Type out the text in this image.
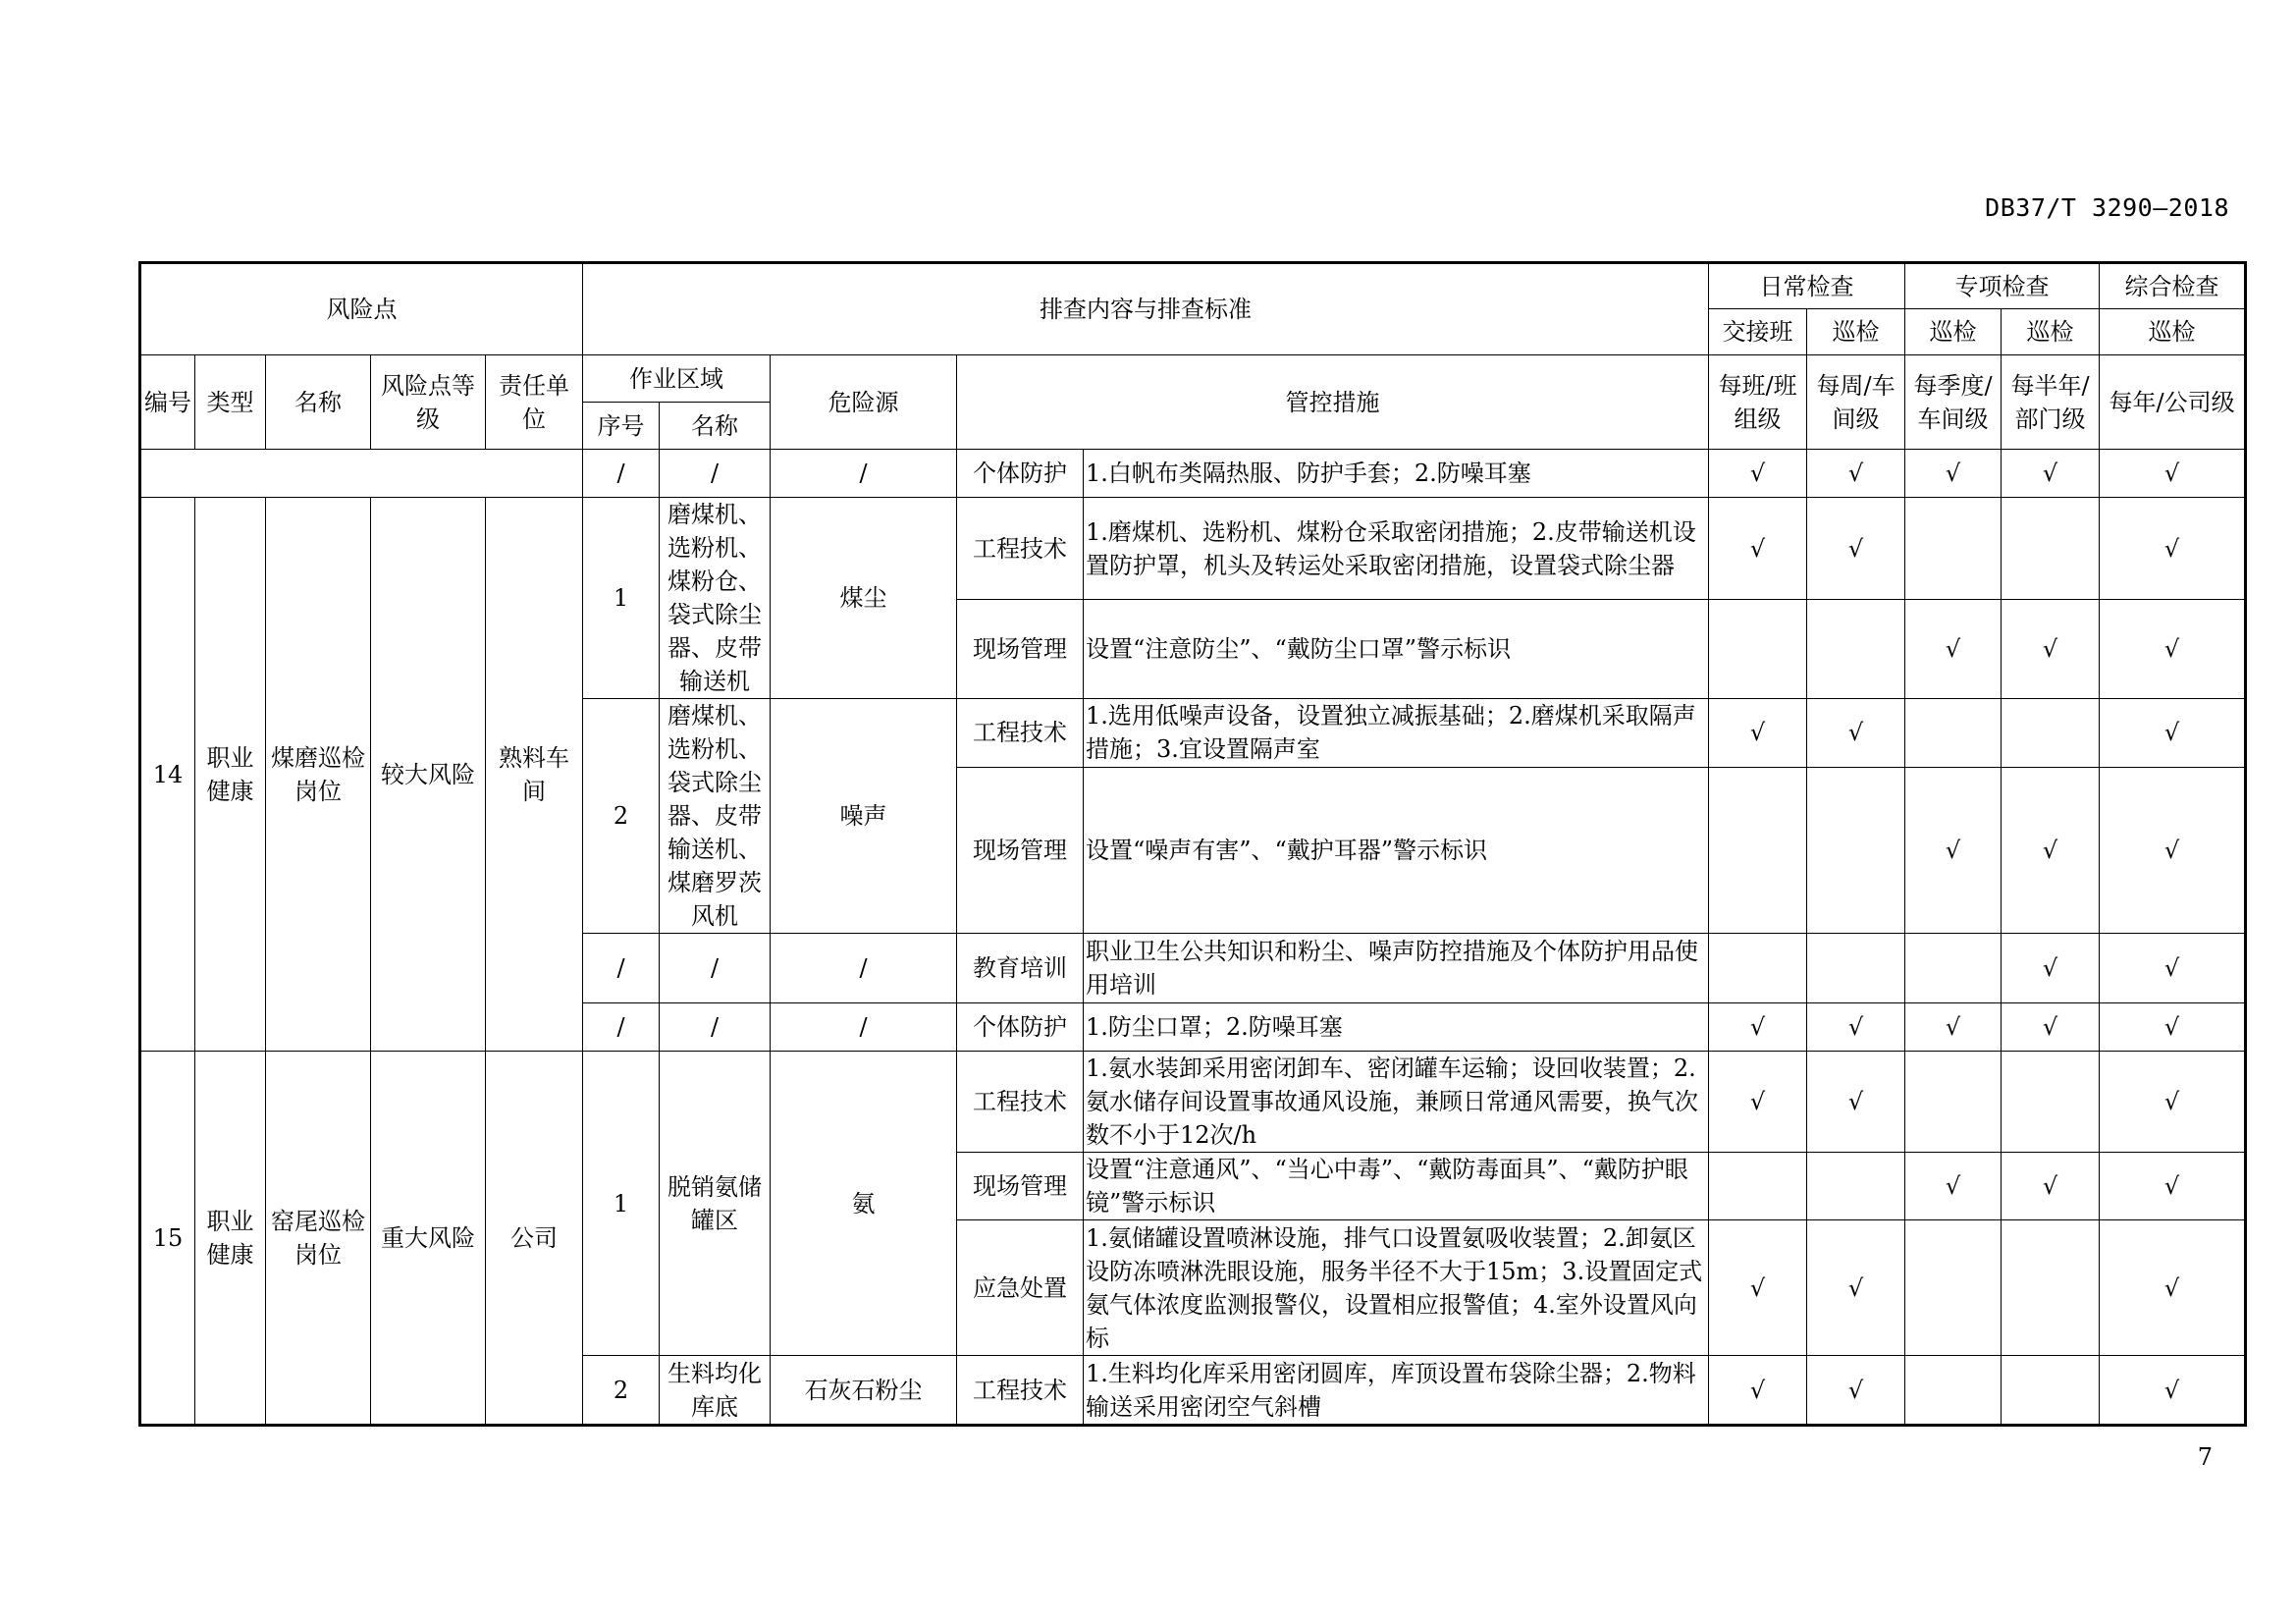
DB37/T 3290—2018
风险点					排查内容与排查标准					日常检查		专项检查		综合检查
										交接班	巡检	巡检	巡检	巡检
编号	类型	名称	风险点等级	责任单位	作业区域		危险源	管控措施		每班/班组级	每周/车间级	每季度/车间级	每半年/部门级	每年/公司级
					序号	名称								
					/	/	/	个体防护	1.白帆布类隔热服、防护手套；2.防噪耳塞	√	√	√	√	√
14	职业健康	煤磨巡检岗位	较大风险	熟料车间	1	磨煤机、选粉机、煤粉仓、袋式除尘器、皮带输送机	煤尘	工程技术	1.磨煤机、选粉机、煤粉仓采取密闭措施；2.皮带输送机设置防护罩，机头及转运处采取密闭措施，设置袋式除尘器	√	√			√
								现场管理	设置“注意防尘”、“戴防尘口罩”警示标识			√	√	√
					2	磨煤机、选粉机、袋式除尘器、皮带输送机、煤磨罗茨风机	噪声	工程技术	1.选用低噪声设备，设置独立减振基础；2.磨煤机采取隔声措施；3.宜设置隔声室	√	√			√
								现场管理	设置“噪声有害”、“戴护耳器”警示标识			√	√	√
					/	/	/	教育培训	职业卫生公共知识和粉尘、噪声防控措施及个体防护用品使用培训				√	√
					/	/	/	个体防护	1.防尘口罩；2.防噪耳塞	√	√	√	√	√
15	职业健康	窑尾巡检岗位	重大风险	公司	1	脱销氨储罐区	氨	工程技术	1.氨水装卸采用密闭卸车、密闭罐车运输；设回收装置；2.氨水储存间设置事故通风设施，兼顾日常通风需要，换气次数不小于12次/h	√	√			√
								现场管理	设置“注意通风”、“当心中毒”、“戴防毒面具”、“戴防护眼镜”警示标识			√	√	√
								应急处置	1.氨储罐设置喷淋设施，排气口设置氨吸收装置；2.卸氨区设防冻喷淋洗眼设施，服务半径不大于15m；3.设置固定式氨气体浓度监测报警仪，设置相应报警值；4.室外设置风向标	√	√			√
					2	生料均化库底	石灰石粉尘	工程技术	1.生料均化库采用密闭圆库，库顶设置布袋除尘器；2.物料输送采用密闭空气斜槽	√	√			√
7
